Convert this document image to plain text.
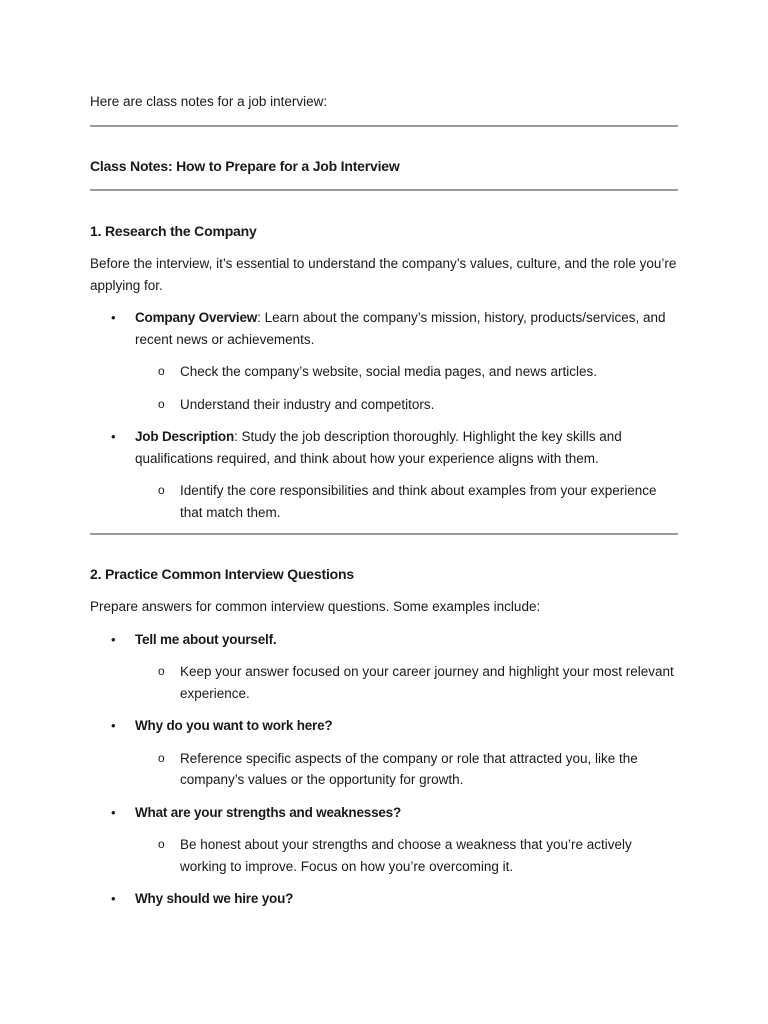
Here are class notes for a job interview:
Class Notes: How to Prepare for a Job Interview
1. Research the Company

Before the interview, it’s essential to understand the company’s values, culture, and the role you’re applying for.

• Company Overview: Learn about the company’s mission, history, products/services, and recent news or achievements.
o Check the company’s website, social media pages, and news articles.
o Understand their industry and competitors.
• Job Description: Study the job description thoroughly. Highlight the key skills and qualifications required, and think about how your experience aligns with them.
o Identify the core responsibilities and think about examples from your experience that match them.
2. Practice Common Interview Questions

Prepare answers for common interview questions. Some examples include:

• Tell me about yourself.
o Keep your answer focused on your career journey and highlight your most relevant experience.
• Why do you want to work here?
o Reference specific aspects of the company or role that attracted you, like the company’s values or the opportunity for growth.
• What are your strengths and weaknesses?
o Be honest about your strengths and choose a weakness that you’re actively working to improve. Focus on how you’re overcoming it.
• Why should we hire you?
